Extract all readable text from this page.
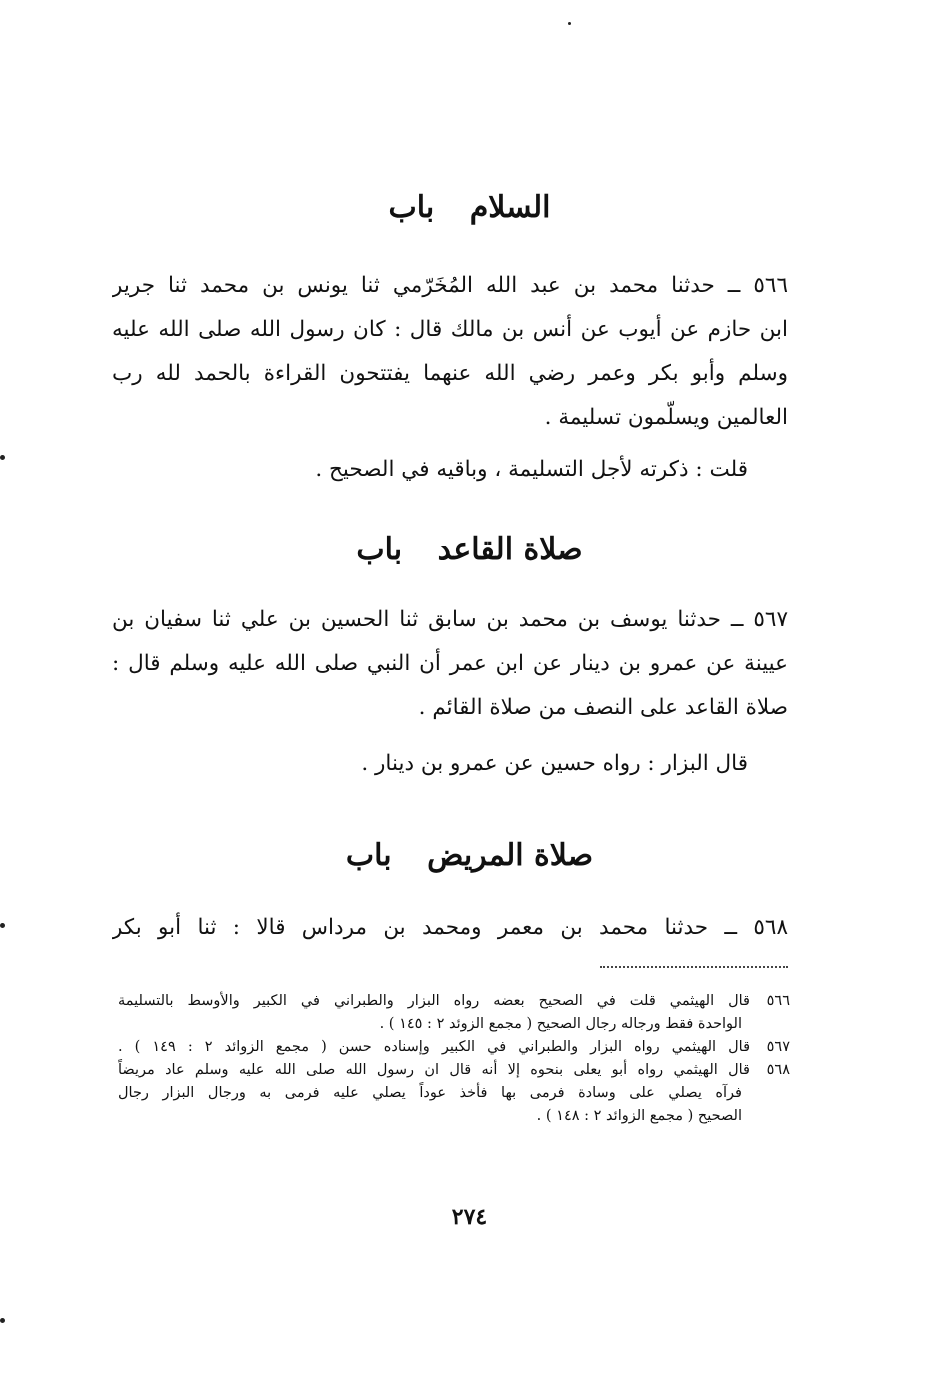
باب السلام
٥٦٦ ــ حدثنا محمد بن عبد الله المُخَرّمي ثنا يونس بن محمد ثنا جرير
ابن حازم عن أيوب عن أنس بن مالك قال : كان رسول الله صلى الله عليه
وسلم وأبو بكر وعمر رضي الله عنهما يفتتحون القراءة بالحمد لله رب
العالمين ويسلّمون تسليمة .
قلت : ذكرته لأجل التسليمة ، وباقيه في الصحيح .
باب صلاة القاعد
٥٦٧ ــ حدثنا يوسف بن محمد بن سابق ثنا الحسين بن علي ثنا سفيان بن
عيينة عن عمرو بن دينار عن ابن عمر أن النبي صلى الله عليه وسلم قال :
صلاة القاعد على النصف من صلاة القائم .
قال البزار : رواه حسين عن عمرو بن دينار .
باب صلاة المريض
٥٦٨ ــ حدثنا محمد بن معمر ومحمد بن مرداس قالا : ثنا أبو بكر
٥٦٦قال الهيثمي قلت في الصحيح بعضه رواه البزار والطبراني في الكبير والأوسط بالتسليمة
الواحدة فقط ورجاله رجال الصحيح ( مجمع الزوئد ٢ : ١٤٥ ) .
٥٦٧قال الهيثمي رواه البزار والطبراني في الكبير وإسناده حسن ( مجمع الزوائد ٢ : ١٤٩ ) .
٥٦٨قال الهيثمي رواه أبو يعلى بنحوه إلا أنه قال ان رسول الله صلى الله عليه وسلم عاد مريضاً
فرآه يصلي على وسادة فرمى بها فأخذ عوداً يصلي عليه فرمى به ورجال البزار رجال
الصحيح ( مجمع الزوائد ٢ : ١٤٨ ) .
٢٧٤
